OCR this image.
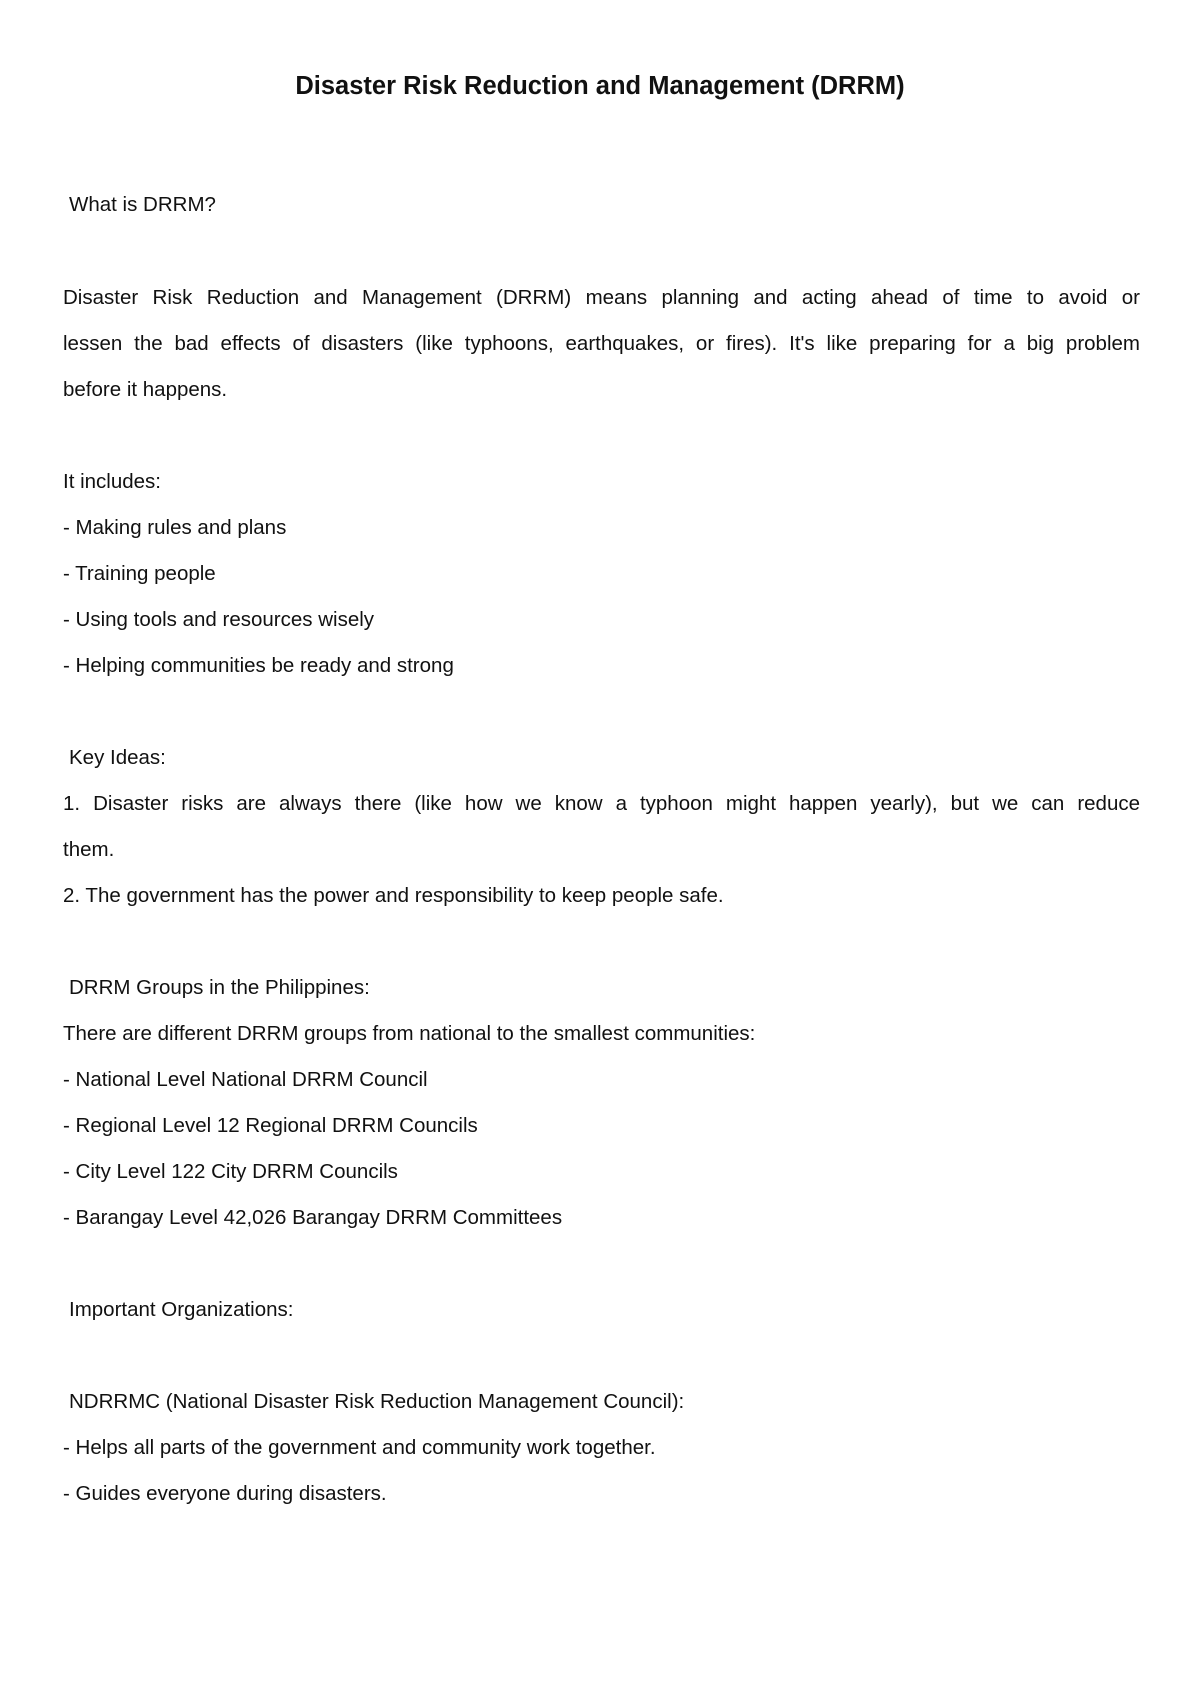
Disaster Risk Reduction and Management (DRRM)

What is DRRM?

Disaster Risk Reduction and Management (DRRM) means planning and acting ahead of time to avoid or

lessen the bad effects of disasters (like typhoons, earthquakes, or fires). It's like preparing for a big problem

before it happens.

It includes:

- Making rules and plans

- Training people

- Using tools and resources wisely

- Helping communities be ready and strong

Key Ideas:

1. Disaster risks are always there (like how we know a typhoon might happen yearly), but we can reduce

them.

2. The government has the power and responsibility to keep people safe.

DRRM Groups in the Philippines:

There are different DRRM groups from national to the smallest communities:

- National Level National DRRM Council

- Regional Level 12 Regional DRRM Councils

- City Level 122 City DRRM Councils

- Barangay Level 42,026 Barangay DRRM Committees

Important Organizations:

NDRRMC (National Disaster Risk Reduction Management Council):

- Helps all parts of the government and community work together.

- Guides everyone during disasters.
